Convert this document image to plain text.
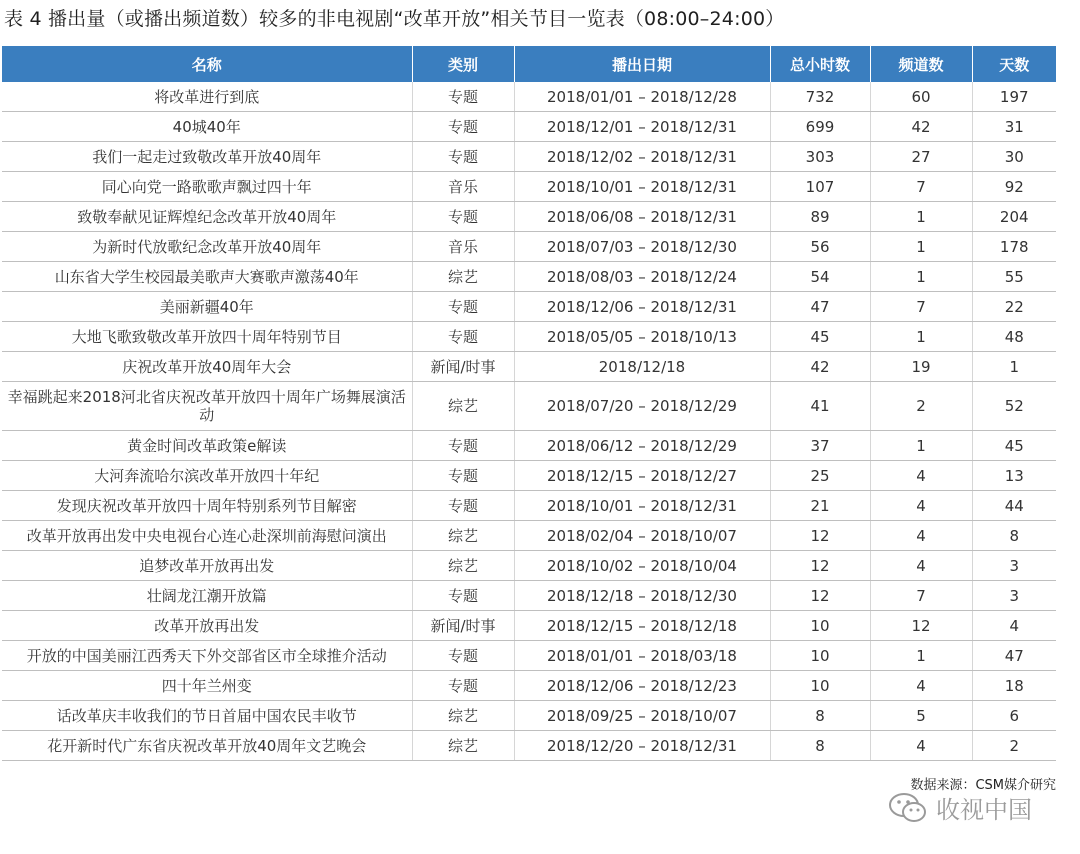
表 4 播出量（或播出频道数）较多的非电视剧“改革开放”相关节目一览表（08:00–24:00）
名称	类别	播出日期	总小时数	频道数	天数
将改革进行到底	专题	2018/01/01 – 2018/12/28	732	60	197
40城40年	专题	2018/12/01 – 2018/12/31	699	42	31
我们一起走过致敬改革开放40周年	专题	2018/12/02 – 2018/12/31	303	27	30
同心向党一路歌歌声飘过四十年	音乐	2018/10/01 – 2018/12/31	107	7	92
致敬奉献见证辉煌纪念改革开放40周年	专题	2018/06/08 – 2018/12/31	89	1	204
为新时代放歌纪念改革开放40周年	音乐	2018/07/03 – 2018/12/30	56	1	178
山东省大学生校园最美歌声大赛歌声激荡40年	综艺	2018/08/03 – 2018/12/24	54	1	55
美丽新疆40年	专题	2018/12/06 – 2018/12/31	47	7	22
大地飞歌致敬改革开放四十周年特别节目	专题	2018/05/05 – 2018/10/13	45	1	48
庆祝改革开放40周年大会	新闻/时事	2018/12/18	42	19	1
幸福跳起来2018河北省庆祝改革开放四十周年广场舞展演活动	综艺	2018/07/20 – 2018/12/29	41	2	52
黄金时间改革政策e解读	专题	2018/06/12 – 2018/12/29	37	1	45
大河奔流哈尔滨改革开放四十年纪	专题	2018/12/15 – 2018/12/27	25	4	13
发现庆祝改革开放四十周年特别系列节目解密	专题	2018/10/01 – 2018/12/31	21	4	44
改革开放再出发中央电视台心连心赴深圳前海慰问演出	综艺	2018/02/04 – 2018/10/07	12	4	8
追梦改革开放再出发	综艺	2018/10/02 – 2018/10/04	12	4	3
壮阔龙江潮开放篇	专题	2018/12/18 – 2018/12/30	12	7	3
改革开放再出发	新闻/时事	2018/12/15 – 2018/12/18	10	12	4
开放的中国美丽江西秀天下外交部省区市全球推介活动	专题	2018/01/01 – 2018/03/18	10	1	47
四十年兰州变	专题	2018/12/06 – 2018/12/23	10	4	18
话改革庆丰收我们的节日首届中国农民丰收节	综艺	2018/09/25 – 2018/10/07	8	5	6
花开新时代广东省庆祝改革开放40周年文艺晚会	综艺	2018/12/20 – 2018/12/31	8	4	2
数据来源：CSM媒介研究
收视中国
